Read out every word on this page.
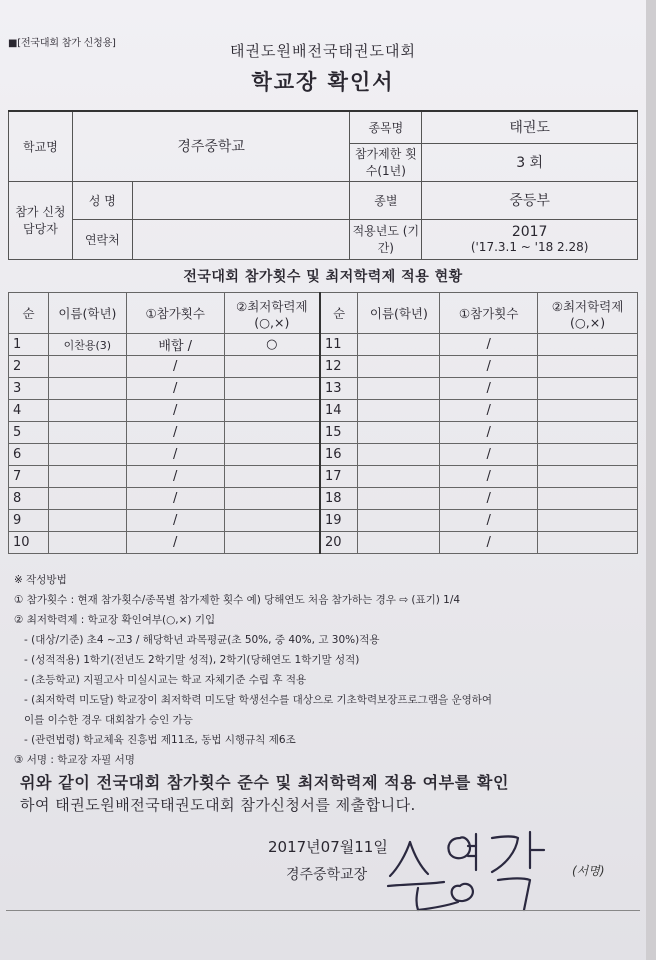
■[전국대회 참가 신청용]	태권도원배전국태권도대회
학교장 확인서
학교명	경주중학교		종목명	태권도
			참가제한 횟수(1년)	3 회
참가 신청 담당자	성 명		종별	중등부
	연락처		적용년도 (기간)	2017
('17.3.1 ~ '18 2.28)
전국대회 참가횟수 및 최저학력제 적용 현황
순	이름(학년)	①참가횟수	②최저학력제 (○,×)	순	이름(학년)	①참가횟수	②최저학력제 (○,×)
1	이찬용(3)	배합 /	○	11		/	
2		/		12		/	
3		/		13		/	
4		/		14		/	
5		/		15		/	
6		/		16		/	
7		/		17		/	
8		/		18		/	
9		/		19		/	
10		/		20		/	
※ 작성방법
① 참가횟수 : 현재 참가횟수/종목별 참가제한 횟수 예) 당해연도 처음 참가하는 경우 ⇨ (표기) 1/4
② 최저학력제 : 학교장 확인여부(○,×) 기입
- (대상/기준) 초4 ~고3 / 해당학년 과목평균(초 50%, 중 40%, 고 30%)적용
- (성적적용) 1학기(전년도 2학기말 성적), 2학기(당해연도 1학기말 성적)
- (초등학교) 지필고사 미실시교는 학교 자체기준 수립 후 적용
- (최저학력 미도달) 학교장이 최저학력 미도달 학생선수를 대상으로 기초학력보장프로그램을 운영하여
이를 이수한 경우 대회참가 승인 가능
- (관련법령) 학교체육 진흥법 제11조, 동법 시행규칙 제6조
③ 서명 : 학교장 자필 서명
위와 같이 전국대회 참가횟수 준수 및 최저학력제 적용 여부를 확인
하여 태권도원배전국태권도대회 참가신청서를 제출합니다.
2017년07월11일
경주중학교장	(서명)
